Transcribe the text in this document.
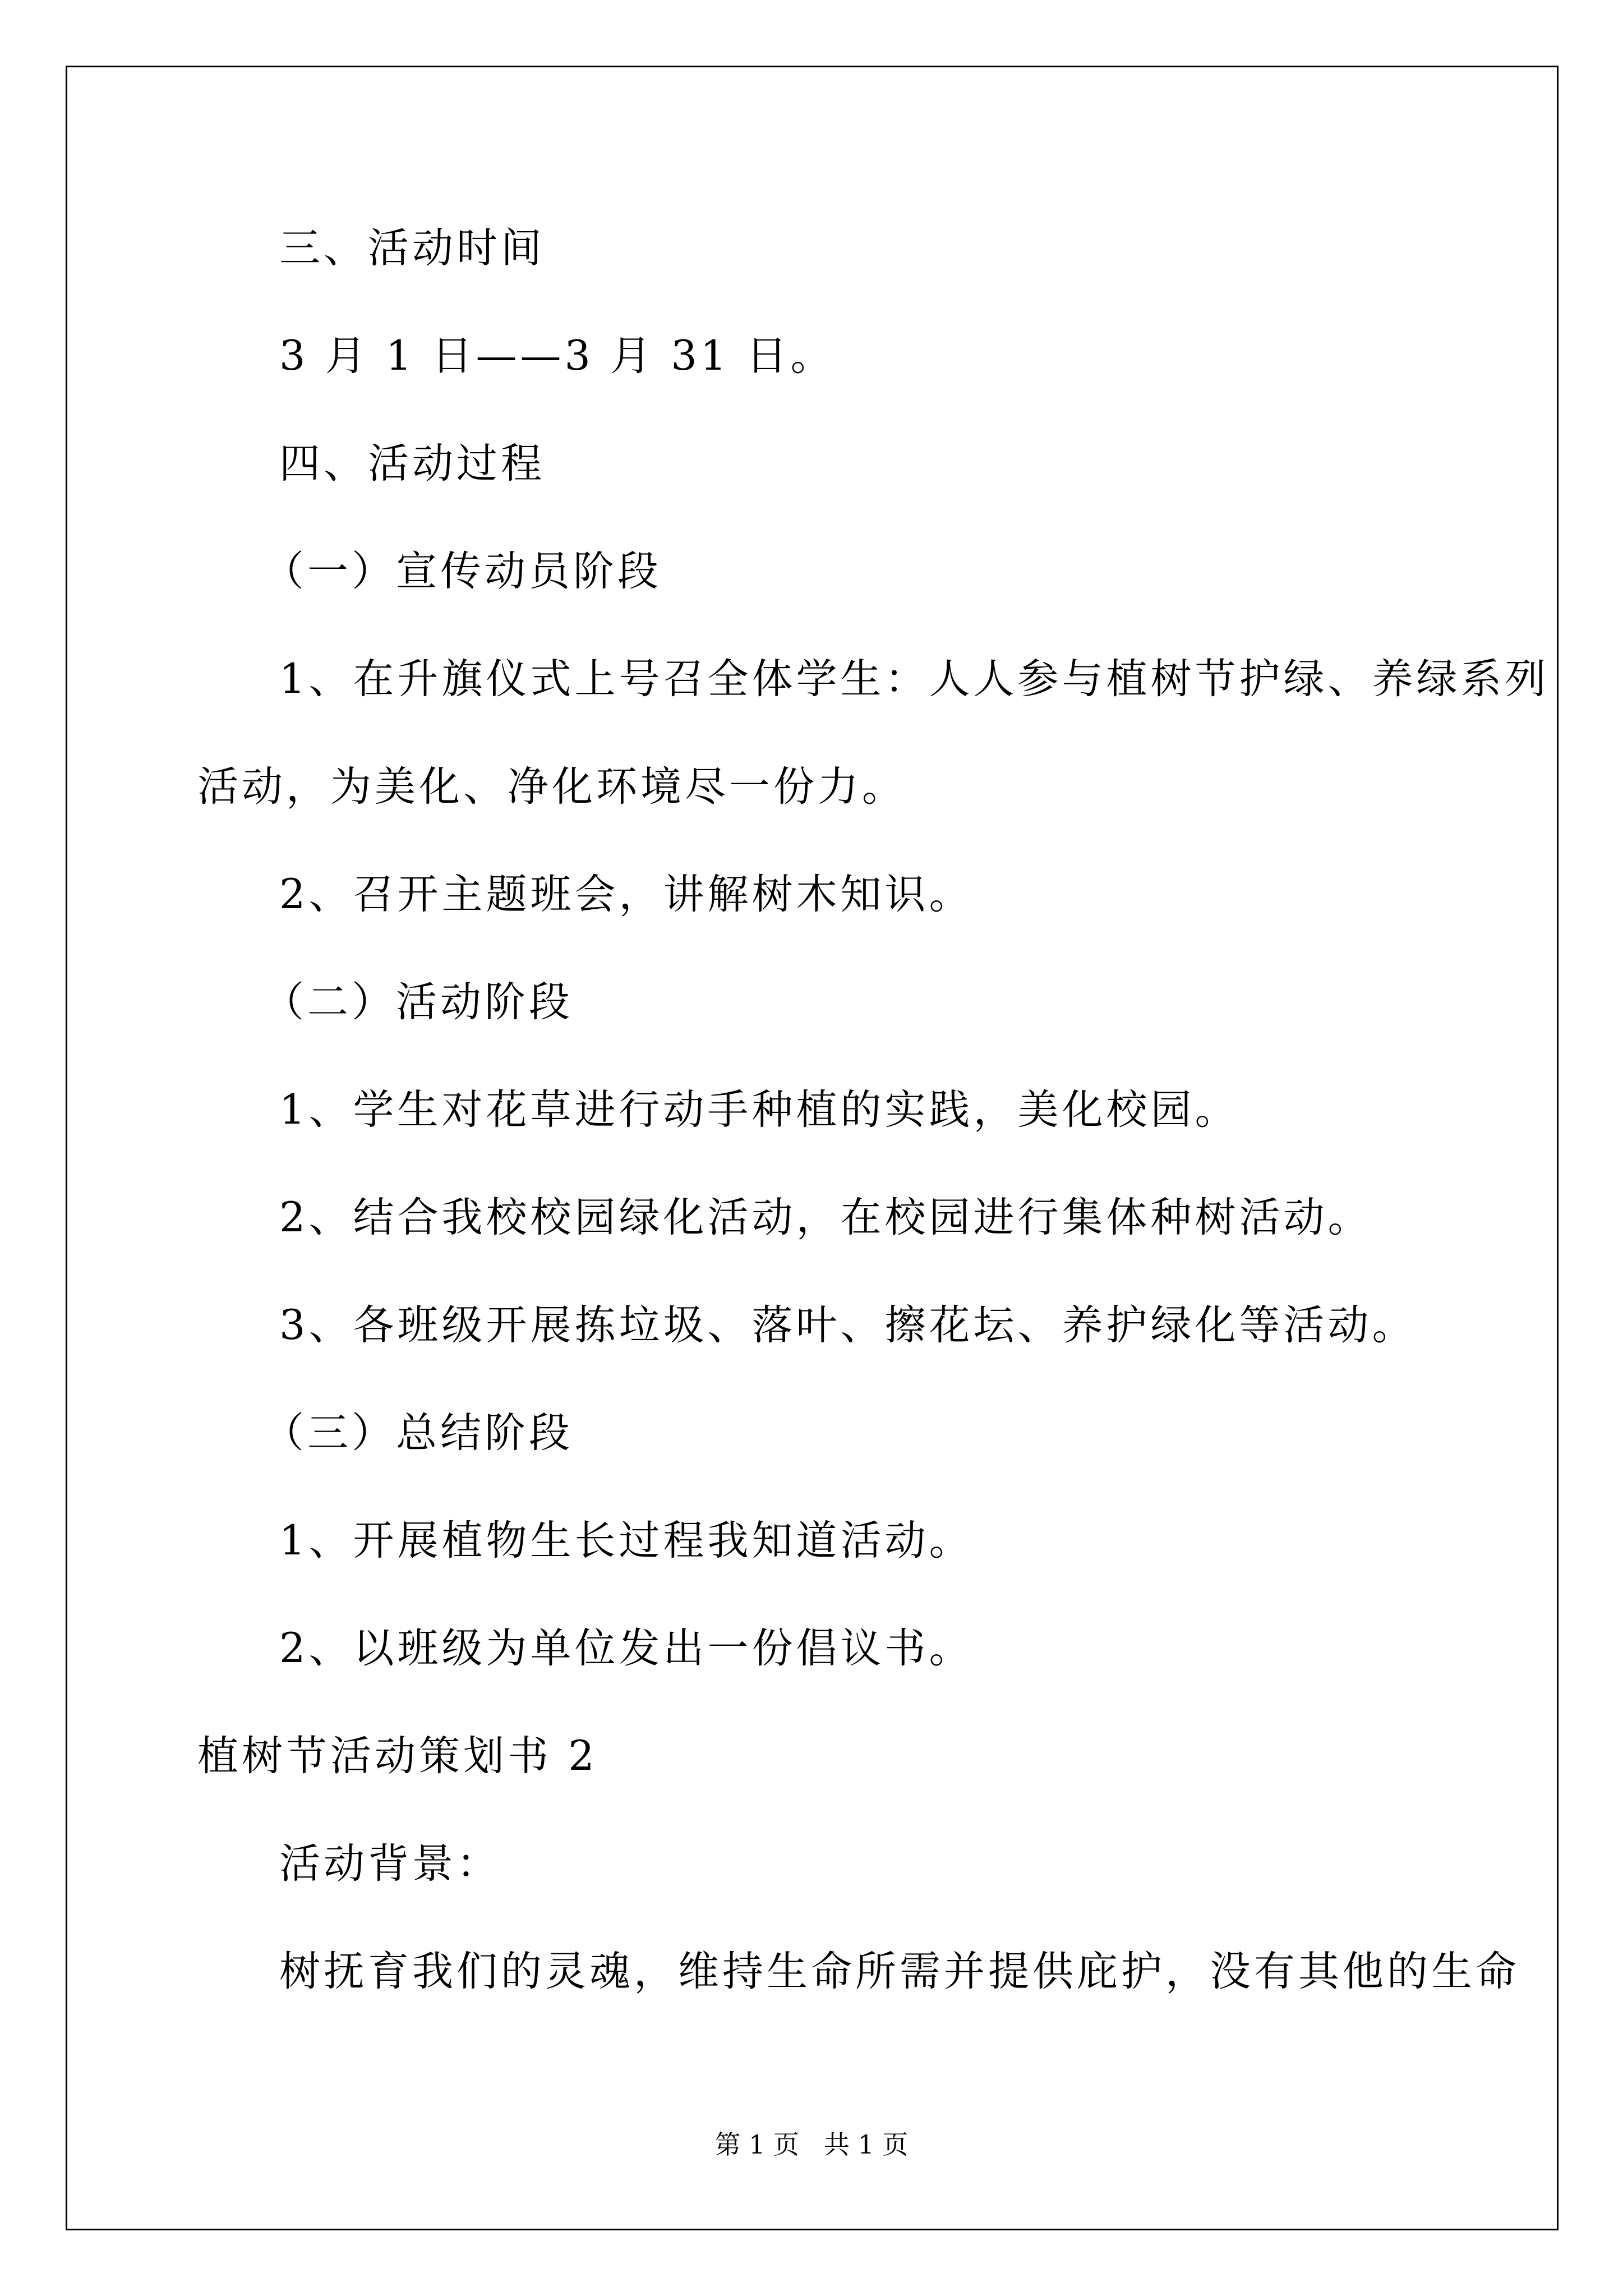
三、活动时间
3 月 1 日——3 月 31 日。
四、活动过程
（一）宣传动员阶段
1、在升旗仪式上号召全体学生：人人参与植树节护绿、养绿系列
活动，为美化、净化环境尽一份力。
2、召开主题班会，讲解树木知识。
（二）活动阶段
1、学生对花草进行动手种植的实践，美化校园。
2、结合我校校园绿化活动，在校园进行集体种树活动。
3、各班级开展拣垃圾、落叶、擦花坛、养护绿化等活动。
（三）总结阶段
1、开展植物生长过程我知道活动。
2、以班级为单位发出一份倡议书。
植树节活动策划书 2
活动背景：
树抚育我们的灵魂，维持生命所需并提供庇护，没有其他的生命
第 1 页   共 1 页
